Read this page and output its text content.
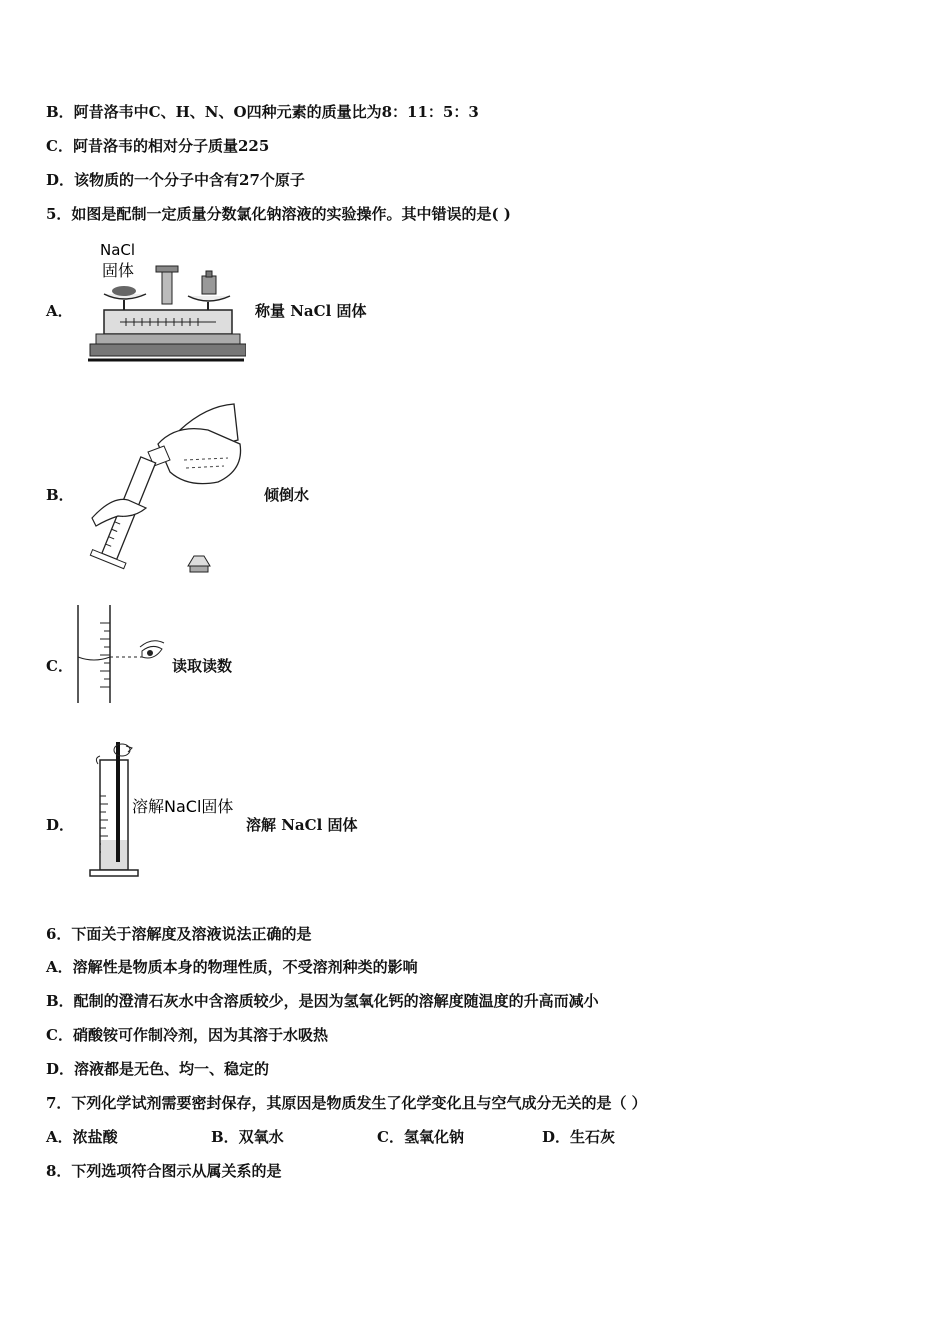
B．阿昔洛韦中C、H、N、O四种元素的质量比为8：11：5：3
C．阿昔洛韦的相对分子质量225
D．该物质的一个分子中含有27个原子
5．如图是配制一定质量分数氯化钠溶液的实验操作。其中错误的是( )
A．
NaCl
固体
称量 NaCl 固体
B．	倾倒水
C．	读取读数
D．
溶解NaCl固体
溶解 NaCl 固体
6．下面关于溶解度及溶液说法正确的是
A．溶解性是物质本身的物理性质，不受溶剂种类的影响
B．配制的澄清石灰水中含溶质较少，是因为氢氧化钙的溶解度随温度的升高而减小
C．硝酸铵可作制冷剂，因为其溶于水吸热
D．溶液都是无色、均一、稳定的
7．下列化学试剂需要密封保存，其原因是物质发生了化学变化且与空气成分无关的是（ ）
A．浓盐酸	B．双氧水	C．氢氧化钠	D．生石灰
8．下列选项符合图示从属关系的是
